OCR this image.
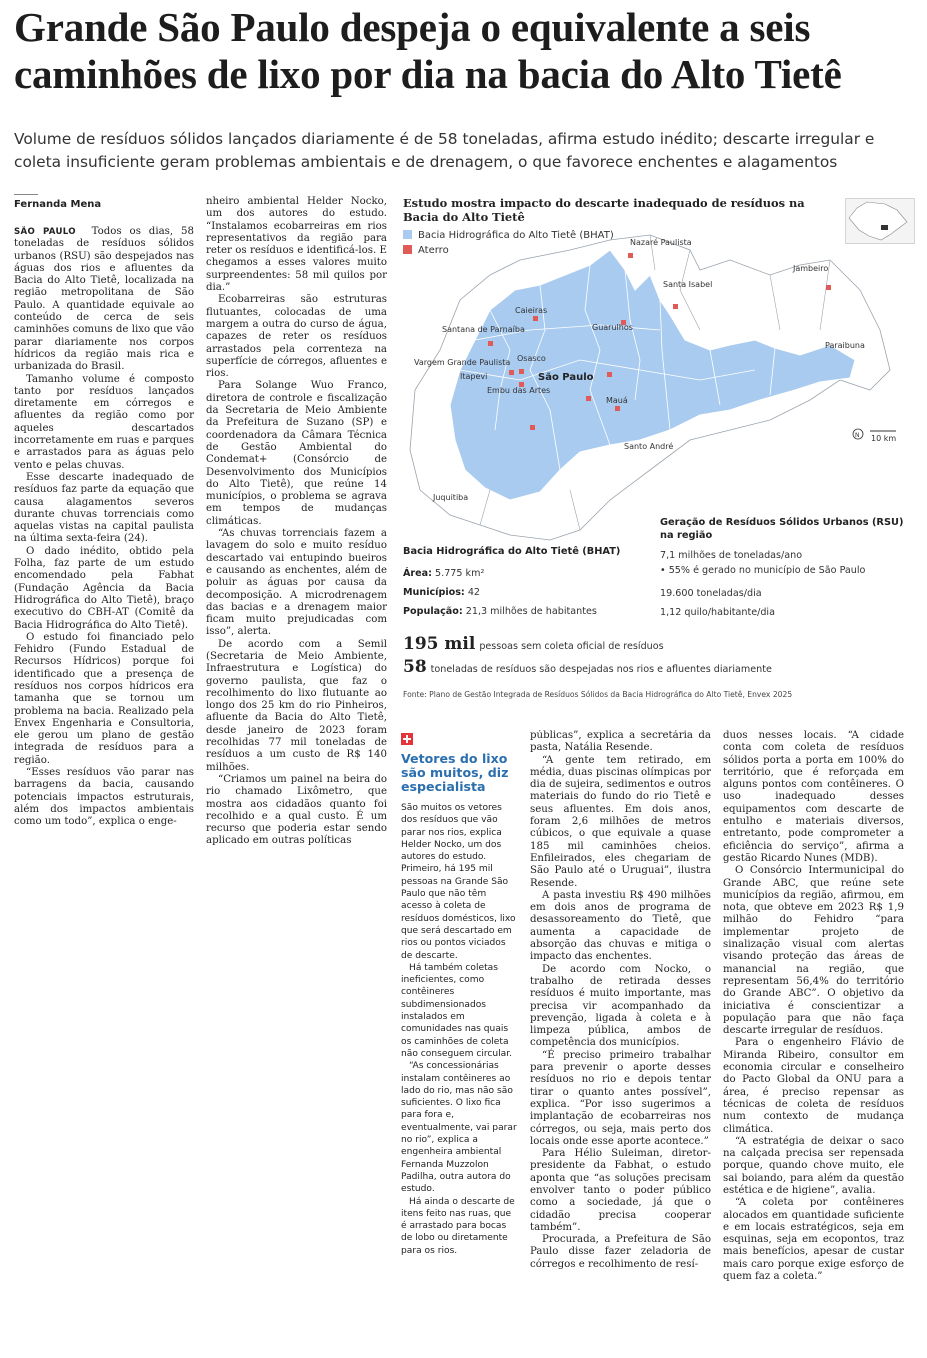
Grande São Paulo despeja o equivalente a seis caminhões de lixo por dia na bacia do Alto Tietê

Volume de resíduos sólidos lançados diariamente é de 58 toneladas, afirma estudo inédito; descarte irregular e coleta insuficiente geram problemas ambientais e de drenagem, o que favorece enchentes e alagamentos

Fernanda Mena

SÃO PAULO Todos os dias, 58 toneladas de resíduos sólidos urbanos (RSU) são despejados nas águas dos rios e afluentes da Bacia do Alto Tietê, localizada na região metropolitana de São Paulo. A quantidade equivale ao conteúdo de cerca de seis caminhões comuns de lixo que vão parar diariamente nos corpos hídricos da região mais rica e urbanizada do Brasil.

Tamanho volume é composto tanto por resíduos lançados diretamente em córregos e afluentes da região como por aqueles descartados incorretamente em ruas e parques e arrastados para as águas pelo vento e pelas chuvas.

Esse descarte inadequado de resíduos faz parte da equação que causa alagamentos severos durante chuvas torrenciais como aquelas vistas na capital paulista na última sexta-feira (24).

O dado inédito, obtido pela Folha, faz parte de um estudo encomendado pela Fabhat (Fundação Agência da Bacia Hidrográfica do Alto Tietê), braço executivo do CBH-AT (Comitê da Bacia Hidrográfica do Alto Tietê).

O estudo foi financiado pelo Fehidro (Fundo Estadual de Recursos Hídricos) porque foi identificado que a presença de resíduos nos corpos hídricos era tamanha que se tornou um problema na bacia. Realizado pela Envex Engenharia e Consultoria, ele gerou um plano de gestão integrada de resíduos para a região.

“Esses resíduos vão parar nas barragens da bacia, causando potenciais impactos estruturais, além dos impactos ambientais como um todo”, explica o enge-

nheiro ambiental Helder Nocko, um dos autores do estudo. “Instalamos ecobarreiras em rios representativos da região para reter os resíduos e identificá-los. E chegamos a esses valores muito surpreendentes: 58 mil quilos por dia.”

Ecobarreiras são estruturas flutuantes, colocadas de uma margem a outra do curso de água, capazes de reter os resíduos arrastados pela correnteza na superfície de córregos, afluentes e rios.

Para Solange Wuo Franco, diretora de controle e fiscalização da Secretaria de Meio Ambiente da Prefeitura de Suzano (SP) e coordenadora da Câmara Técnica de Gestão Ambiental do Condemat+ (Consórcio de Desenvolvimento dos Municípios do Alto Tietê), que reúne 14 municípios, o problema se agrava em tempos de mudanças climáticas.

“As chuvas torrenciais fazem a lavagem do solo e muito resíduo descartado vai entupindo bueiros e causando as enchentes, além de poluir as águas por causa da decomposição. A microdrenagem das bacias e a drenagem maior ficam muito prejudicadas com isso”, alerta.

De acordo com a Semil (Secretaria de Meio Ambiente, Infraestrutura e Logística) do governo paulista, que faz o recolhimento do lixo flutuante ao longo dos 25 km do rio Pinheiros, afluente da Bacia do Alto Tietê, desde janeiro de 2023 foram recolhidas 77 mil toneladas de resíduos a um custo de R$ 140 milhões.

“Criamos um painel na beira do rio chamado Lixômetro, que mostra aos cidadãos quanto foi recolhido e a qual custo. É um recurso que poderia estar sendo aplicado em outras políticas

Estudo mostra impacto do descarte inadequado de resíduos na Bacia do Alto Tietê
Bacia Hidrográfica do Alto Tietê (BHAT)
Aterro
Nazaré Paulista
Jambeiro
Santa Isabel
Caieiras
Santana de Parnaíba	Guarulhos
Paraibuna
Osasco
Vargem Grande Paulista
Itapevi	São Paulo
Embu das Artes
Mauá
Santo André
Juquitiba
N 10 km
Bacia Hidrográfica do Alto Tietê (BHAT)
Área: 5.775 km²
Municípios: 42
População: 21,3 milhões de habitantes
Geração de Resíduos Sólidos Urbanos (RSU) na região
7,1 milhões de toneladas/ano
• 55% é gerado no município de São Paulo
19.600 toneladas/dia
1,12 quilo/habitante/dia
195 mil pessoas sem coleta oficial de resíduos
58 toneladas de resíduos são despejadas nos rios e afluentes diariamente
Fonte: Plano de Gestão Integrada de Resíduos Sólidos da Bacia Hidrográfica do Alto Tietê, Envex 2025
Vetores do lixo são muitos, diz especialista

São muitos os vetores dos resíduos que vão parar nos rios, explica Helder Nocko, um dos autores do estudo. Primeiro, há 195 mil pessoas na Grande São Paulo que não têm acesso à coleta de resíduos domésticos, lixo que será descartado em rios ou pontos viciados de descarte.

Há também coletas ineficientes, como contêineres subdimensionados instalados em comunidades nas quais os caminhões de coleta não conseguem circular.

“As concessionárias instalam contêineres ao lado do rio, mas não são suficientes. O lixo fica para fora e, eventualmente, vai parar no rio”, explica a engenheira ambiental Fernanda Muzzolon Padilha, outra autora do estudo.

Há ainda o descarte de itens feito nas ruas, que é arrastado para bocas de lobo ou diretamente para os rios.

públicas”, explica a secretária da pasta, Natália Resende.

“A gente tem retirado, em média, duas piscinas olímpicas por dia de sujeira, sedimentos e outros materiais do fundo do rio Tietê e seus afluentes. Em dois anos, foram 2,6 milhões de metros cúbicos, o que equivale a quase 185 mil caminhões cheios. Enfileirados, eles chegariam de São Paulo até o Uruguai”, ilustra Resende.

A pasta investiu R$ 490 milhões em dois anos de programa de desassoreamento do Tietê, que aumenta a capacidade de absorção das chuvas e mitiga o impacto das enchentes.

De acordo com Nocko, o trabalho de retirada desses resíduos é muito importante, mas precisa vir acompanhado da prevenção, ligada à coleta e à limpeza pública, ambos de competência dos municípios.

“É preciso primeiro trabalhar para prevenir o aporte desses resíduos no rio e depois tentar tirar o quanto antes possível”, explica. “Por isso sugerimos a implantação de ecobarreiras nos córregos, ou seja, mais perto dos locais onde esse aporte acontece.”

Para Hélio Suleiman, diretor-presidente da Fabhat, o estudo aponta que “as soluções precisam envolver tanto o poder público como a sociedade, já que o cidadão precisa cooperar também”.

Procurada, a Prefeitura de São Paulo disse fazer zeladoria de córregos e recolhimento de resí-

duos nesses locais. “A cidade conta com coleta de resíduos sólidos porta a porta em 100% do território, que é reforçada em alguns pontos com contêineres. O uso inadequado desses equipamentos com descarte de entulho e materiais diversos, entretanto, pode comprometer a eficiência do serviço”, afirma a gestão Ricardo Nunes (MDB).

O Consórcio Intermunicipal do Grande ABC, que reúne sete municípios da região, afirmou, em nota, que obteve em 2023 R$ 1,9 milhão do Fehidro “para implementar projeto de sinalização visual com alertas visando proteção das áreas de manancial na região, que representam 56,4% do território do Grande ABC”. O objetivo da iniciativa é conscientizar a população para que não faça descarte irregular de resíduos.

Para o engenheiro Flávio de Miranda Ribeiro, consultor em economia circular e conselheiro do Pacto Global da ONU para a área, é preciso repensar as técnicas de coleta de resíduos num contexto de mudança climática.

“A estratégia de deixar o saco na calçada precisa ser repensada porque, quando chove muito, ele sai boiando, para além da questão estética e de higiene”, avalia.

“A coleta por contêineres alocados em quantidade suficiente e em locais estratégicos, seja em esquinas, seja em ecopontos, traz mais benefícios, apesar de custar mais caro porque exige esforço de quem faz a coleta.”
